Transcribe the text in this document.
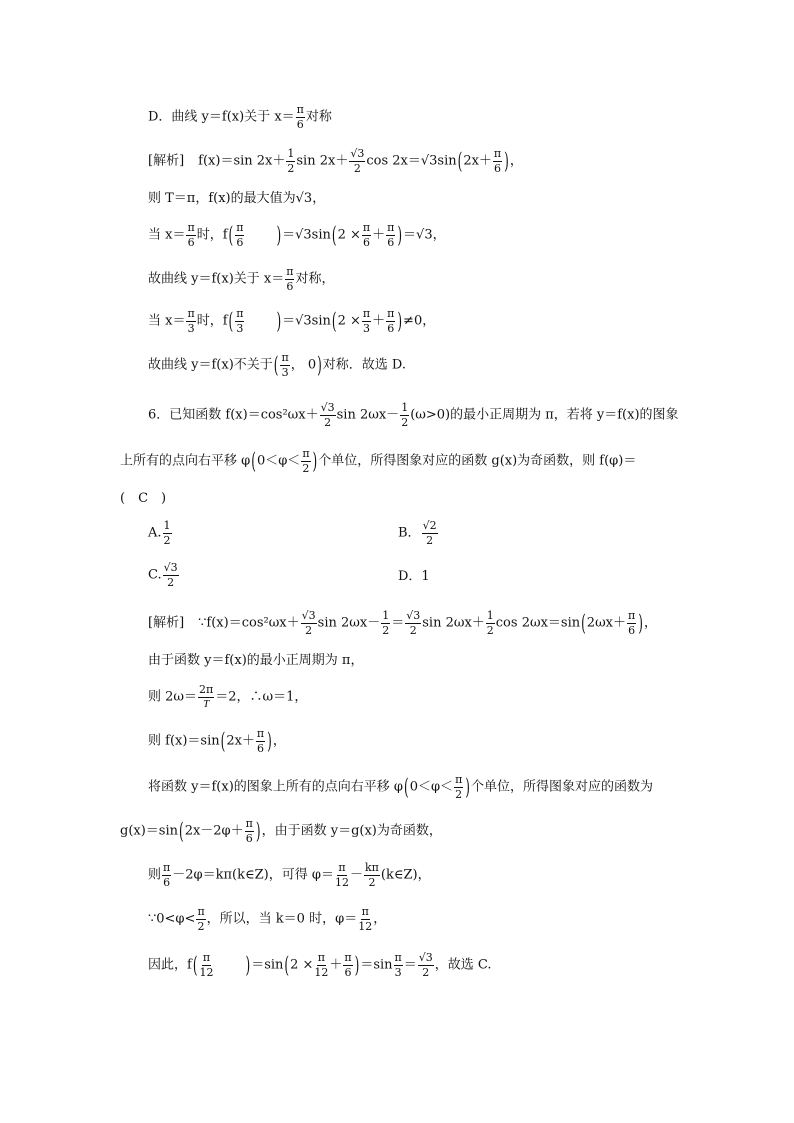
D．曲线 y＝f(x)关于 $x= \frac{\pi}{6}$ 对称
[解析] f(x)＝sin $2x+ \frac{1}{2}$ $\sin 2x+ \frac{√3}{2}$ $\cos 2x=√3\sin(2x+ \frac{\pi}{6}$ )，
则 T＝π，f(x)的最大值为√3，
当 $x= \frac{\pi}{6}$ 时，$f( \frac{\pi}{6}$	)$=√3\sin(2 \times \frac{\pi}{6} + \frac{\pi}{6} )=√3$，
故曲线 y＝f(x)关于 $x= \frac{\pi}{6}$ 对称，
当 $x= \frac{\pi}{3}$ 时，$f( \frac{\pi}{3}$	)$=√3\sin(2 \times \frac{\pi}{3} + \frac{\pi}{6} )\ne 0$，
故曲线 y＝f(x)不关于( $\frac{\pi}{3}$ ， 0)对称．故选 D.
6．已知函数 $f(x)=\cos^2\omega x+ \frac{√3}{2}$ $\sin 2\omega x- \frac{1}{2} (\omega>0)$的最小正周期为 π，若将 y＝f(x)的图象
上所有的点向右平移 $\varphi(0<\varphi< \frac{\pi}{2}$ )个单位，所得图象对应的函数 g(x)为奇函数，则 f(φ)＝
(　C　)
A. $\frac{1}{2}$	B． $\frac{√2}{2}$
C. $\frac{√3}{2}$	D．1
[解析] ∵f(x)＝cos²ωx＋ $\frac{√3}{2}$ $\sin 2\omega x- \frac{1}{2} = \frac{√3}{2}$ $\sin 2\omega x+ \frac{1}{2}$ $\cos 2\omega x=\sin(2\omega x+ \frac{\pi}{6}$ )，
由于函数 y＝f(x)的最小正周期为 π，
则 $2\omega= \frac{2\pi}{T} =2$，∴ω＝1，
则 $f(x)=\sin(2x+ \frac{\pi}{6}$ )，
将函数 y＝f(x)的图象上所有的点向右平移 $\varphi(0<\varphi< \frac{\pi}{2}$ )个单位，所得图象对应的函数为
$g(x)=\sin(2x-2\varphi+ \frac{\pi}{6}$ )，由于函数 y＝g(x)为奇函数，
则 $\frac{\pi}{6}$ －2φ＝kπ(k∈Z)，可得 $\varphi= \frac{\pi}{12} - \frac{k\pi}{2}$ (k∈Z)，
∵0<φ< $\frac{\pi}{2}$ ，所以，当 k＝0 时，$\varphi= \frac{\pi}{12}$ ，
因此，$f( \frac{\pi}{12}$	)$=\sin(2 \times \frac{\pi}{12} + \frac{\pi}{6} )=\sin \frac{\pi}{3} = \frac{√3}{2}$ ，故选 C.
